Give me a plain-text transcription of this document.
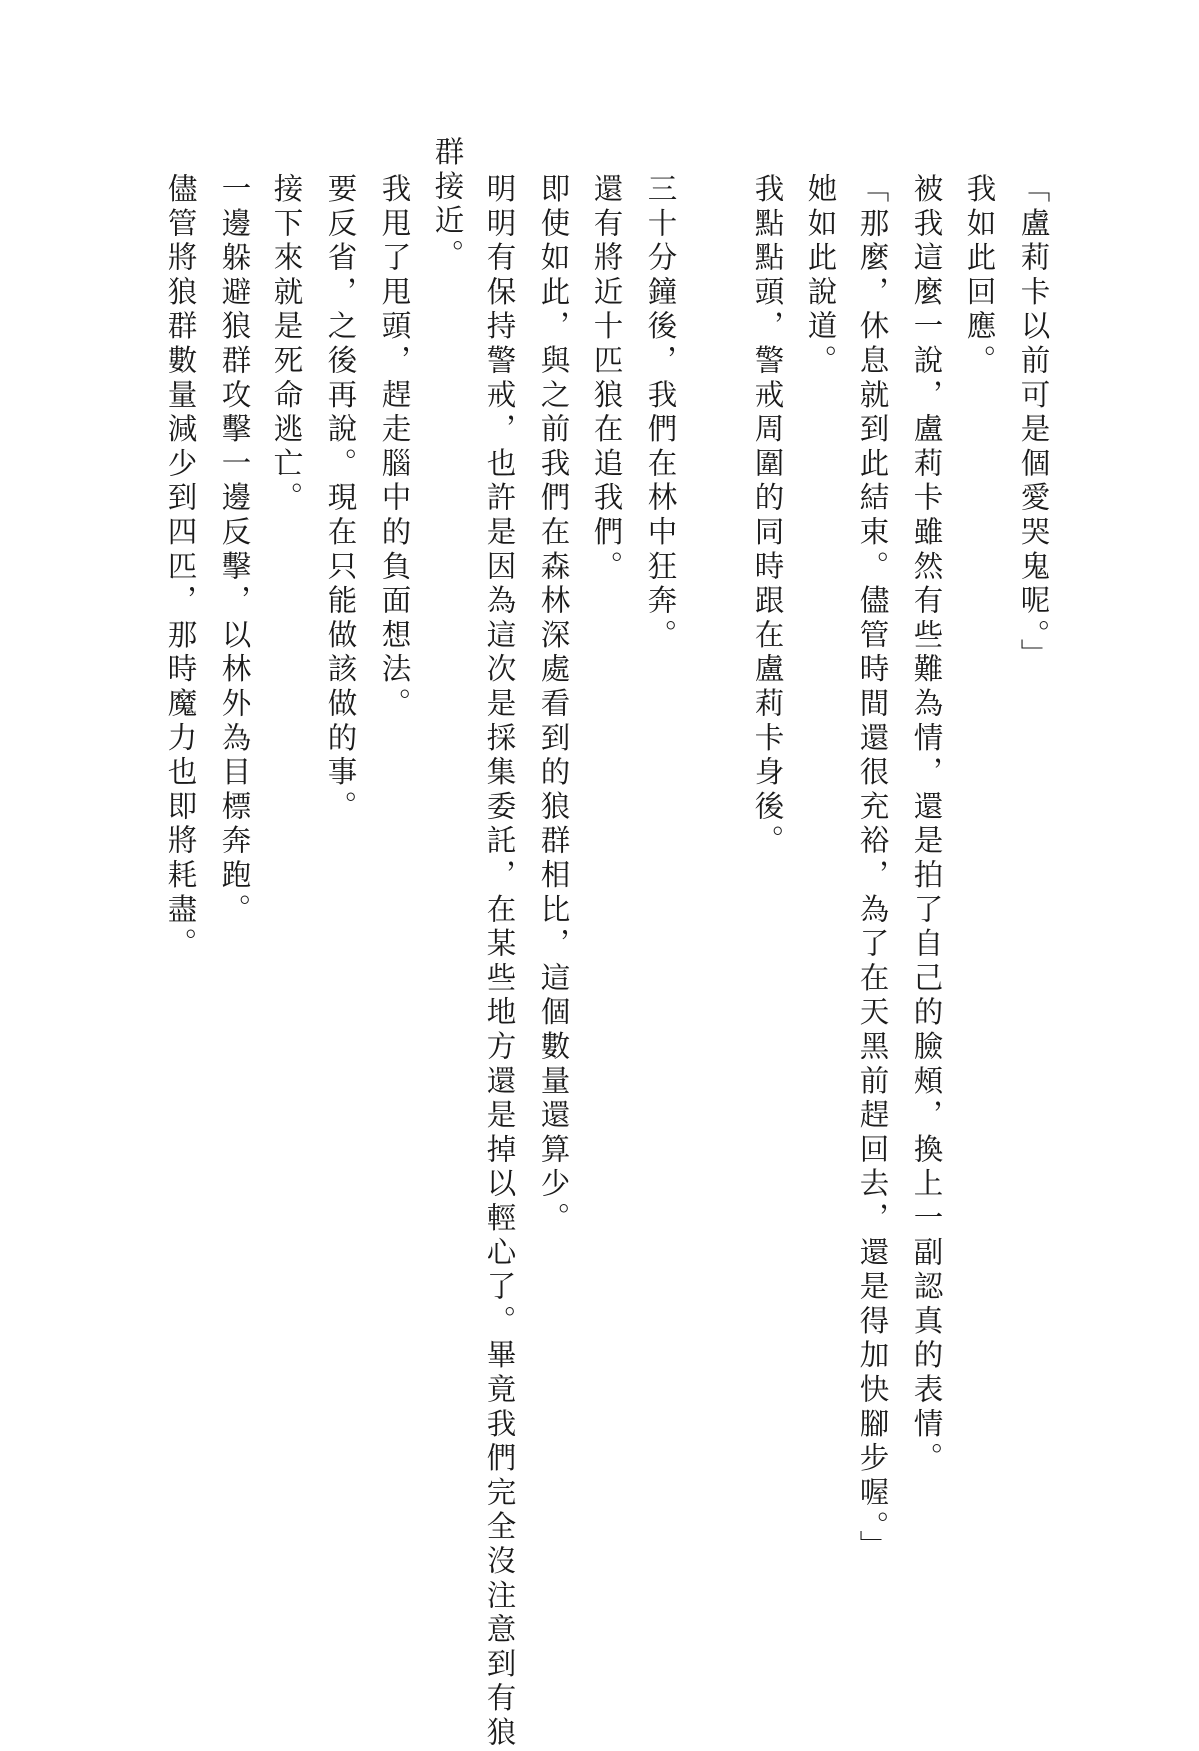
「盧莉卡以前可是個愛哭鬼呢。」

我如此回應。

被我這麼一說，盧莉卡雖然有些難為情，還是拍了自己的臉頰，換上一副認真的表情。

「那麼，休息就到此結束。儘管時間還很充裕，為了在天黑前趕回去，還是得加快腳步喔。」

她如此說道。

我點點頭，警戒周圍的同時跟在盧莉卡身後。

三十分鐘後，我們在林中狂奔。

還有將近十匹狼在追我們。

即使如此，與之前我們在森林深處看到的狼群相比，這個數量還算少。

明明有保持警戒，也許是因為這次是採集委託，在某些地方還是掉以輕心了。畢竟我們完全沒注意到有狼

群接近。

我甩了甩頭，趕走腦中的負面想法。

要反省，之後再說。現在只能做該做的事。

接下來就是死命逃亡。

一邊躲避狼群攻擊一邊反擊，以林外為目標奔跑。

儘管將狼群數量減少到四匹，那時魔力也即將耗盡。
